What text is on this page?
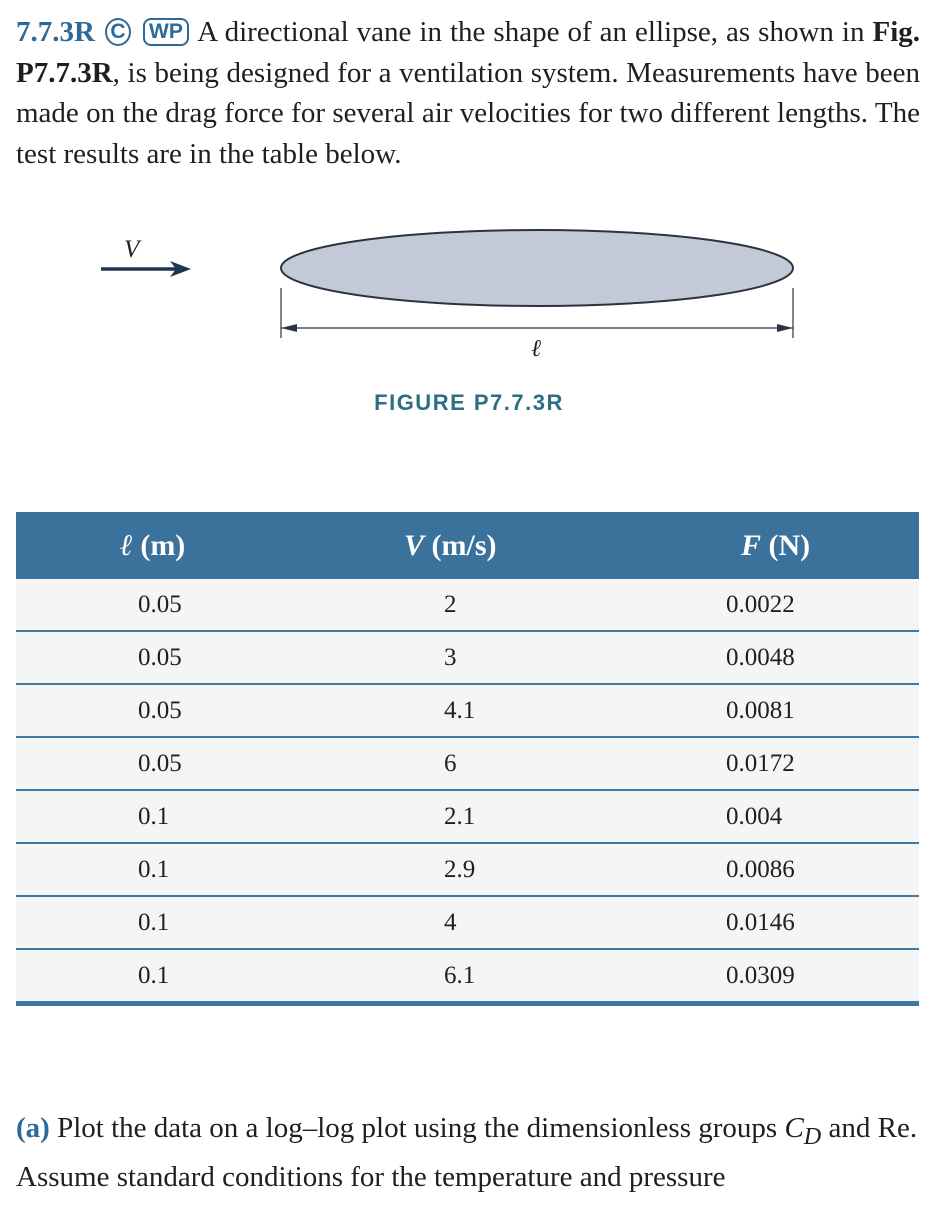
7.7.3R C WP A directional vane in the shape of an ellipse, as shown in Fig. P7.7.3R, is being designed for a ventilation system. Measurements have been made on the drag force for several air velocities for two different lengths. The test results are in the table below.
V
ℓ
FIGURE P7.7.3R
ℓ (m)	V (m/s)	F (N)
0.05	2	0.0022
0.05	3	0.0048
0.05	4.1	0.0081
0.05	6	0.0172
0.1	2.1	0.004
0.1	2.9	0.0086
0.1	4	0.0146
0.1	6.1	0.0309
(a) Plot the data on a log–log plot using the dimensionless groups $C_D$ and Re. Assume standard conditions for the temperature and pressure
